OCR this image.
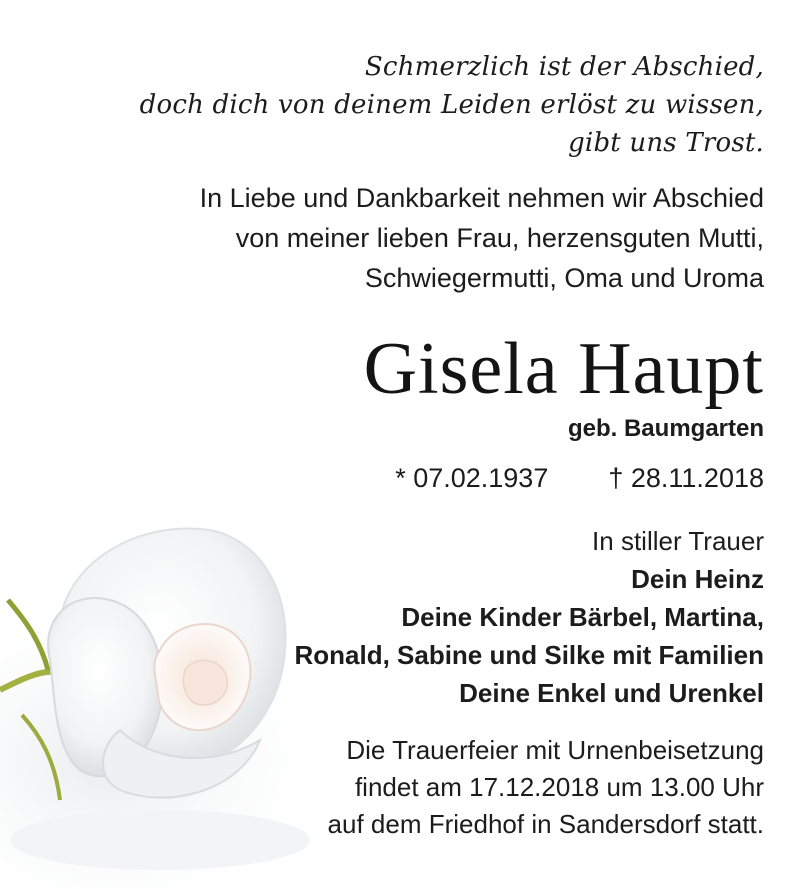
Schmerzlich ist der Abschied,
doch dich von deinem Leiden erlöst zu wissen,
gibt uns Trost.

In Liebe und Dankbarkeit nehmen wir Abschied
von meiner lieben Frau, herzensguten Mutti,
Schwiegermutti, Oma und Uroma

Gisela Haupt

geb. Baumgarten

* 07.02.1937 † 28.11.2018

In stiller Trauer
Dein Heinz
Deine Kinder Bärbel, Martina,
Ronald, Sabine und Silke mit Familien
Deine Enkel und Urenkel

Die Trauerfeier mit Urnenbeisetzung
findet am 17.12.2018 um 13.00 Uhr
auf dem Friedhof in Sandersdorf statt.
